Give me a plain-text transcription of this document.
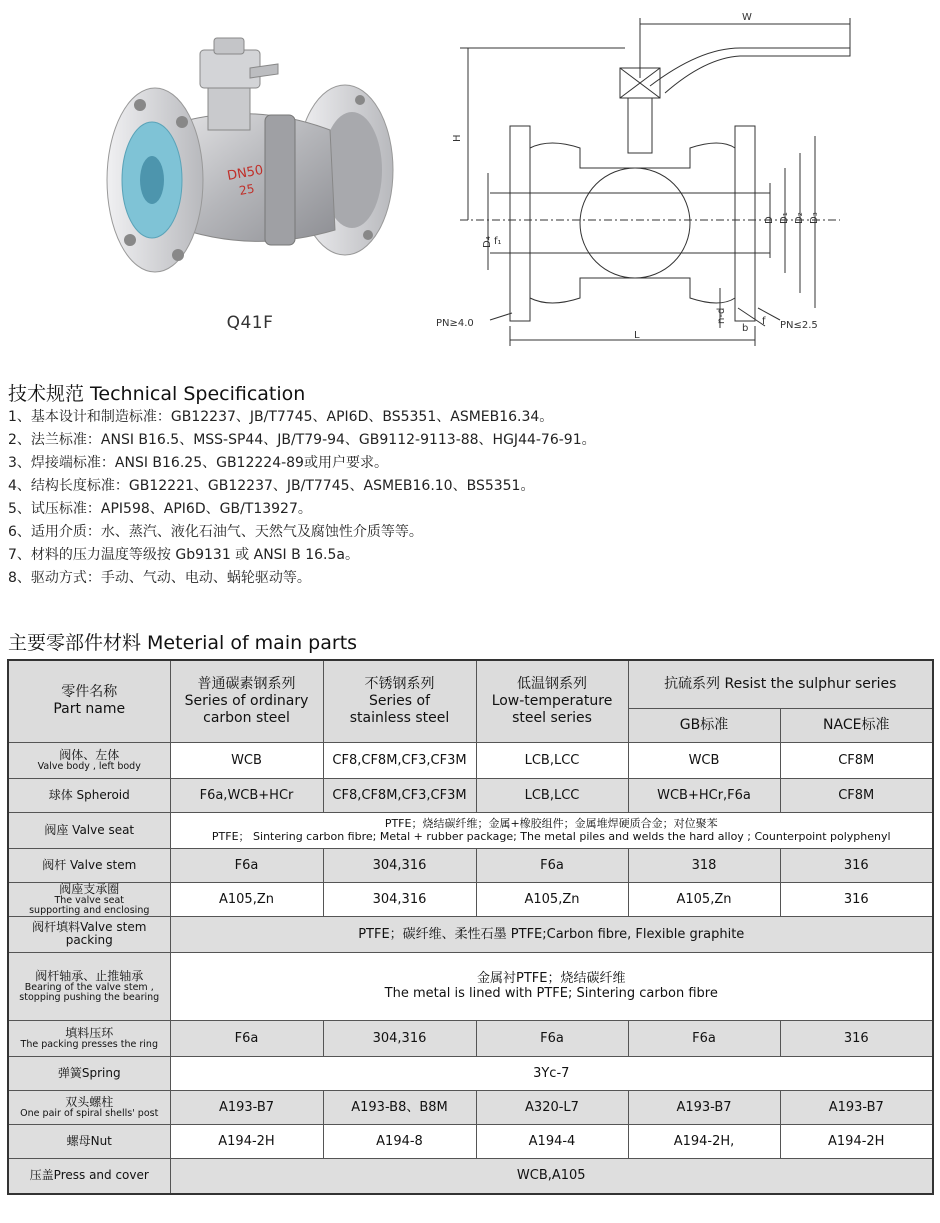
DN50
25
Q41F
W
H
D₄ f₁
D D₁ D₂ D₃
n-d
b
f
L
PN≥4.0	PN≤2.5
技术规范 Technical Specification
1、基本设计和制造标准：GB12237、JB/T7745、API6D、BS5351、ASMEB16.34。
2、法兰标准：ANSI B16.5、MSS-SP44、JB/T79-94、GB9112-9113-88、HGJ44-76-91。
3、焊接端标准：ANSI B16.25、GB12224-89或用户要求。
4、结构长度标准：GB12221、GB12237、JB/T7745、ASMEB16.10、BS5351。
5、试压标准：API598、API6D、GB/T13927。
6、适用介质：水、蒸汽、液化石油气、天然气及腐蚀性介质等等。
7、材料的压力温度等级按 Gb9131 或 ANSI B 16.5a。
8、驱动方式：手动、气动、电动、蜗轮驱动等。
主要零部件材料 Meterial of main parts
零件名称
Part name	普通碳素钢系列
Series of ordinary
carbon steel	不锈钢系列
Series of
stainless steel	低温钢系列
Low-temperature
steel series	抗硫系列 Resist the sulphur series	
				GB标准	NACE标准

阀体、左体
Valve body , left body	WCB	CF8,CF8M,CF3,CF3M	LCB,LCC	WCB	CF8M
球体 Spheroid	F6a,WCB+HCr	CF8,CF8M,CF3,CF3M	LCB,LCC	WCB+HCr,F6a	CF8M
阀座 Valve seat	PTFE；烧结碳纤维；金属+橡胶组件；金属堆焊硬质合金；对位聚苯
PTFE； Sintering carbon fibre; Metal + rubber package; The metal piles and welds the hard alloy ; Counterpoint polyphenyl				

阀杆 Valve stem	F6a	304,316	F6a	318	316

阀座支承圈
The valve seat
supporting and enclosing	A105,Zn	304,316	A105,Zn	A105,Zn	316
阀杆填料Valve stem packing	PTFE；碳纤维、柔性石墨 PTFE;Carbon fibre, Flexible graphite				

阀杆轴承、止推轴承
Bearing of the valve stem ,
stopping pushing the bearing	金属衬PTFE；烧结碳纤维
The metal is lined with PTFE; Sintering carbon fibre				

填料压环
The packing presses the ring	F6a	304,316	F6a	F6a	316
弹簧Spring	3Yc-7				

双头螺柱
One pair of spiral shells' post	A193-B7	A193-B8、B8M	A320-L7	A193-B7	A193-B7
螺母Nut	A194-2H	A194-8	A194-4	A194-2H,	A194-2H
压盖Press and cover	WCB,A105				
